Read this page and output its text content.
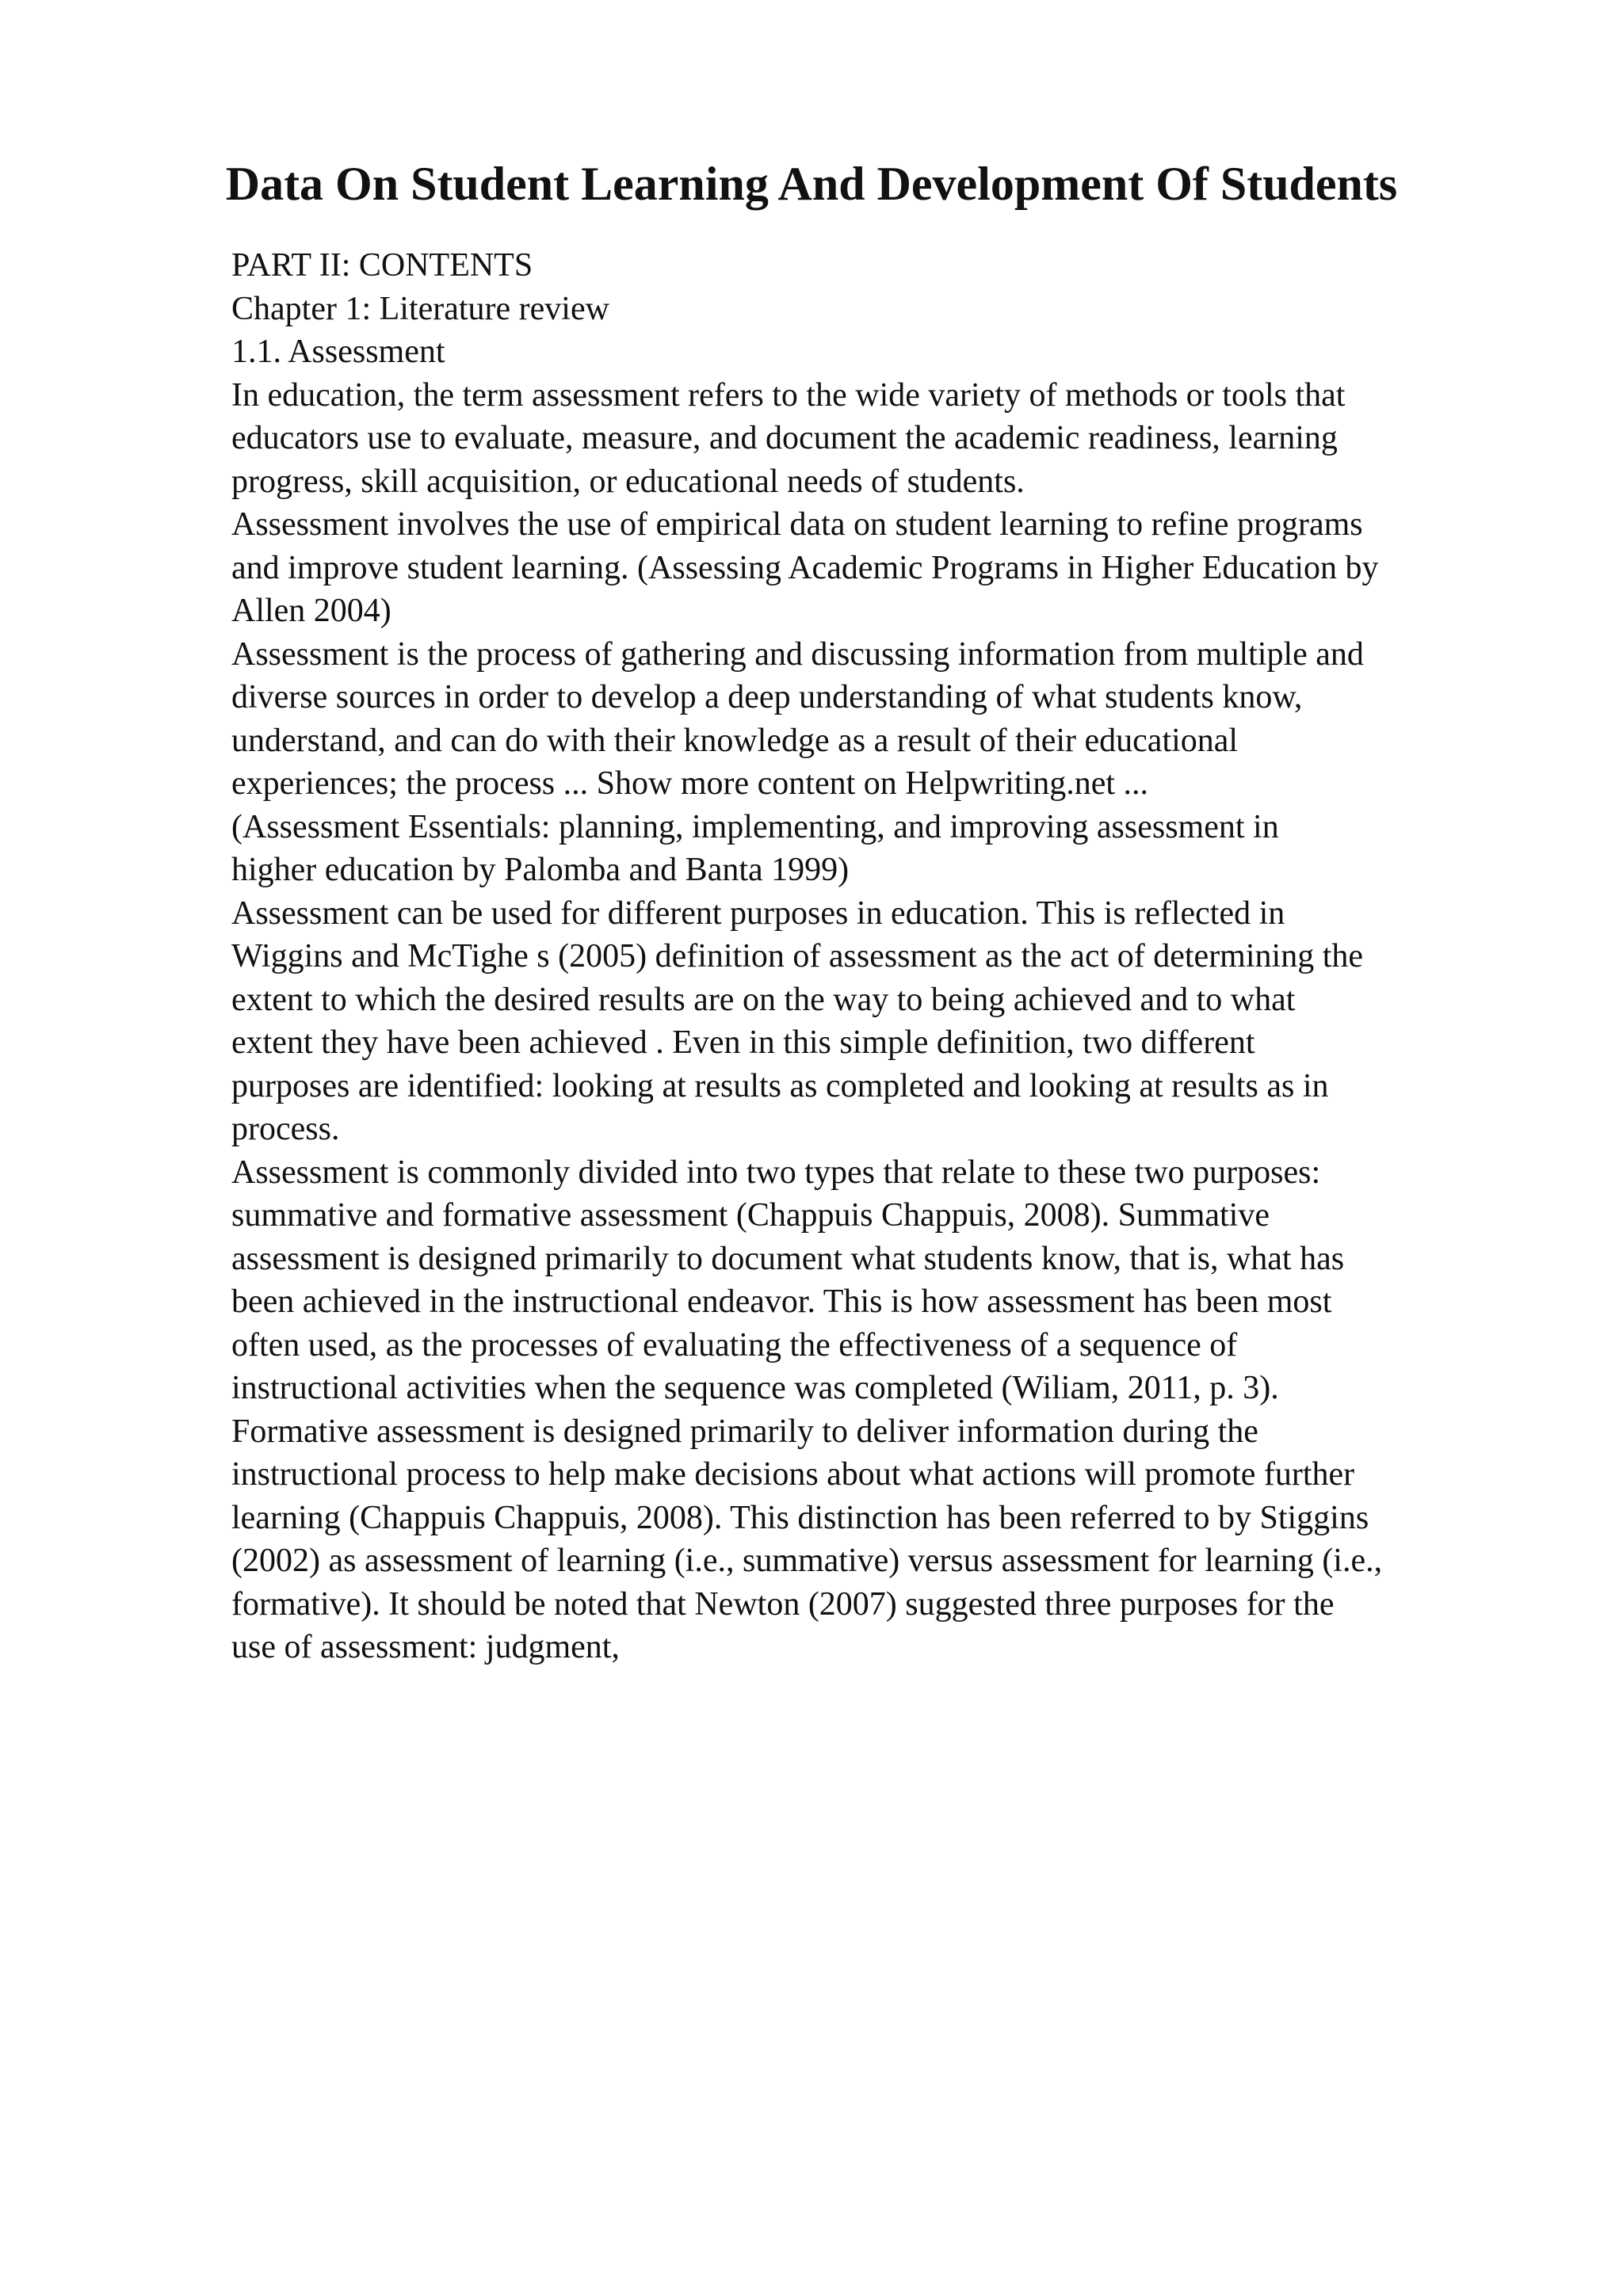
Data On Student Learning And Development Of Students
PART II: CONTENTS
Chapter 1: Literature review
1.1. Assessment
In education, the term assessment refers to the wide variety of methods or tools that
educators use to evaluate, measure, and document the academic readiness, learning
progress, skill acquisition, or educational needs of students.
Assessment involves the use of empirical data on student learning to refine programs
and improve student learning. (Assessing Academic Programs in Higher Education by
Allen 2004)
Assessment is the process of gathering and discussing information from multiple and
diverse sources in order to develop a deep understanding of what students know,
understand, and can do with their knowledge as a result of their educational
experiences; the process ... Show more content on Helpwriting.net ...
(Assessment Essentials: planning, implementing, and improving assessment in
higher education by Palomba and Banta 1999)
Assessment can be used for different purposes in education. This is reflected in
Wiggins and McTighe s (2005) definition of assessment as the act of determining the
extent to which the desired results are on the way to being achieved and to what
extent they have been achieved . Even in this simple definition, two different
purposes are identified: looking at results as completed and looking at results as in
process.
Assessment is commonly divided into two types that relate to these two purposes:
summative and formative assessment (Chappuis Chappuis, 2008). Summative
assessment is designed primarily to document what students know, that is, what has
been achieved in the instructional endeavor. This is how assessment has been most
often used, as the processes of evaluating the effectiveness of a sequence of
instructional activities when the sequence was completed (Wiliam, 2011, p. 3).
Formative assessment is designed primarily to deliver information during the
instructional process to help make decisions about what actions will promote further
learning (Chappuis Chappuis, 2008). This distinction has been referred to by Stiggins
(2002) as assessment of learning (i.e., summative) versus assessment for learning (i.e.,
formative). It should be noted that Newton (2007) suggested three purposes for the
use of assessment: judgment,
